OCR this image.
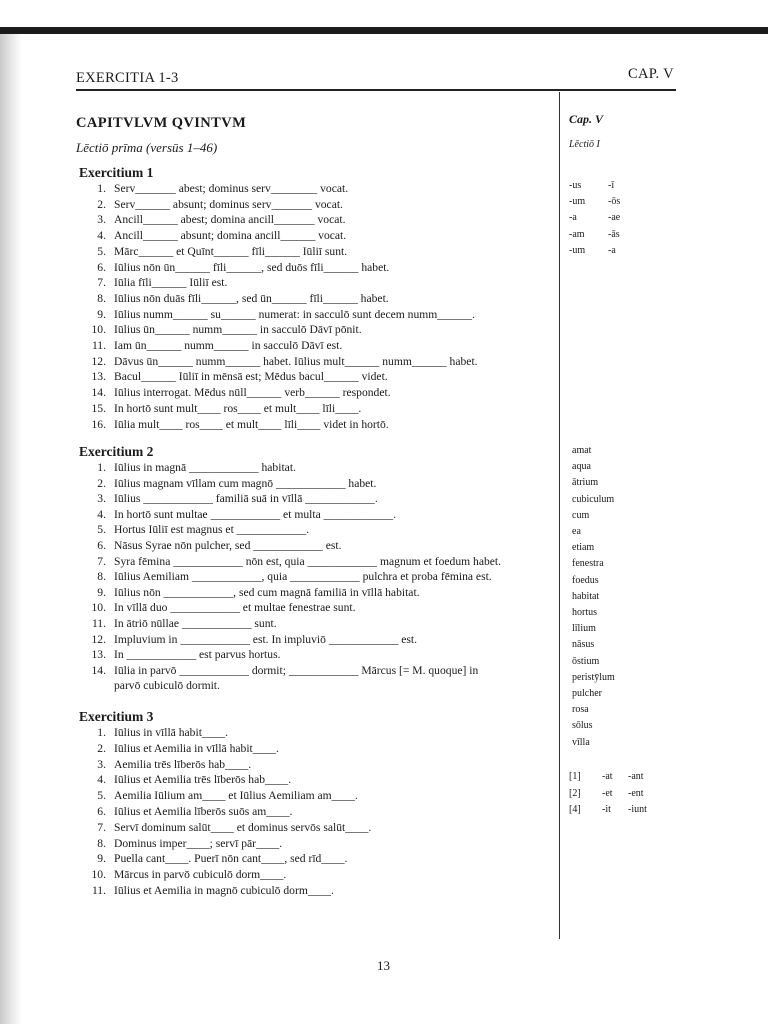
EXERCITIA 1-3	CAP. V
CAPITVLVM QVINTVM
Lēctiō prīma (versūs 1–46)
Exercitium 1
Exercitium 2
Exercitium 3
1. Serv_______ abest; dominus serv________ vocat.
2. Serv______ absunt; dominus serv_______ vocat.
3. Ancill______ abest; domina ancill_______ vocat.
4. Ancill______ absunt; domina ancill______ vocat.
5. Mārc______ et Quīnt______ fīli______ Iūliī sunt.
6. Iūlius nōn ūn______ fīli______, sed duōs fīli______ habet.
7. Iūlia fīli______ Iūliī est.
8. Iūlius nōn duās fīli______, sed ūn______ fīli______ habet.
9. Iūlius numm______ su______ numerat: in sacculō sunt decem numm______.
10. Iūlius ūn______ numm______ in sacculō Dāvī pōnit.
11. Iam ūn______ numm______ in sacculō Dāvī est.
12. Dāvus ūn______ numm______ habet. Iūlius mult______ numm______ habet.
13. Bacul______ Iūliī in mēnsā est; Mēdus bacul______ videt.
14. Iūlius interrogat. Mēdus nūll______ verb______ respondet.
15. In hortō sunt mult____ ros____ et mult____ līli____.
16. Iūlia mult____ ros____ et mult____ līli____ videt in hortō.
1. Iūlius in magnā ____________ habitat.
2. Iūlius magnam vīllam cum magnō ____________ habet.
3. Iūlius ____________ familiā suā in vīllā ____________.
4. In hortō sunt multae ____________ et multa ____________.
5. Hortus Iūliī est magnus et ____________.
6. Nāsus Syrae nōn pulcher, sed ____________ est.
7. Syra fēmina ____________ nōn est, quia ____________ magnum et foedum habet.
8. Iūlius Aemiliam ____________, quia ____________ pulchra et proba fēmina est.
9. Iūlius nōn ____________, sed cum magnā familiā in vīllā habitat.
10. In vīllā duo ____________ et multae fenestrae sunt.
11. In ātriō nūllae ____________ sunt.
12. Impluvium in ____________ est. In impluviō ____________ est.
13. In ____________ est parvus hortus.
14. Iūlia in parvō ____________ dormit; ____________ Mārcus [= M. quoque] in
parvō cubiculō dormit.
1. Iūlius in vīllā habit____.
2. Iūlius et Aemilia in vīllā habit____.
3. Aemilia trēs līberōs hab____.
4. Iūlius et Aemilia trēs līberōs hab____.
5. Aemilia Iūlium am____ et Iūlius Aemiliam am____.
6. Iūlius et Aemilia līberōs suōs am____.
7. Servī dominum salūt____ et dominus servōs salūt____.
8. Dominus imper____; servī pār____.
9. Puella cant____. Puerī nōn cant____, sed rīd____.
10. Mārcus in parvō cubiculō dorm____.
11. Iūlius et Aemilia in magnō cubiculō dorm____.
Cap. V
Lēctiō I
-us	-ī
-um -ōs
-a	-ae
-am -ās
-um -a
amat
aqua
ātrium
cubiculum
cum
ea
etiam
fenestra
foedus
habitat
hortus
līlium
nāsus
ōstium
peristȳlum
pulcher
rosa
sōlus
vīlla
[1] -at -ant
[2] -et -ent
[4] -it -iunt
13
